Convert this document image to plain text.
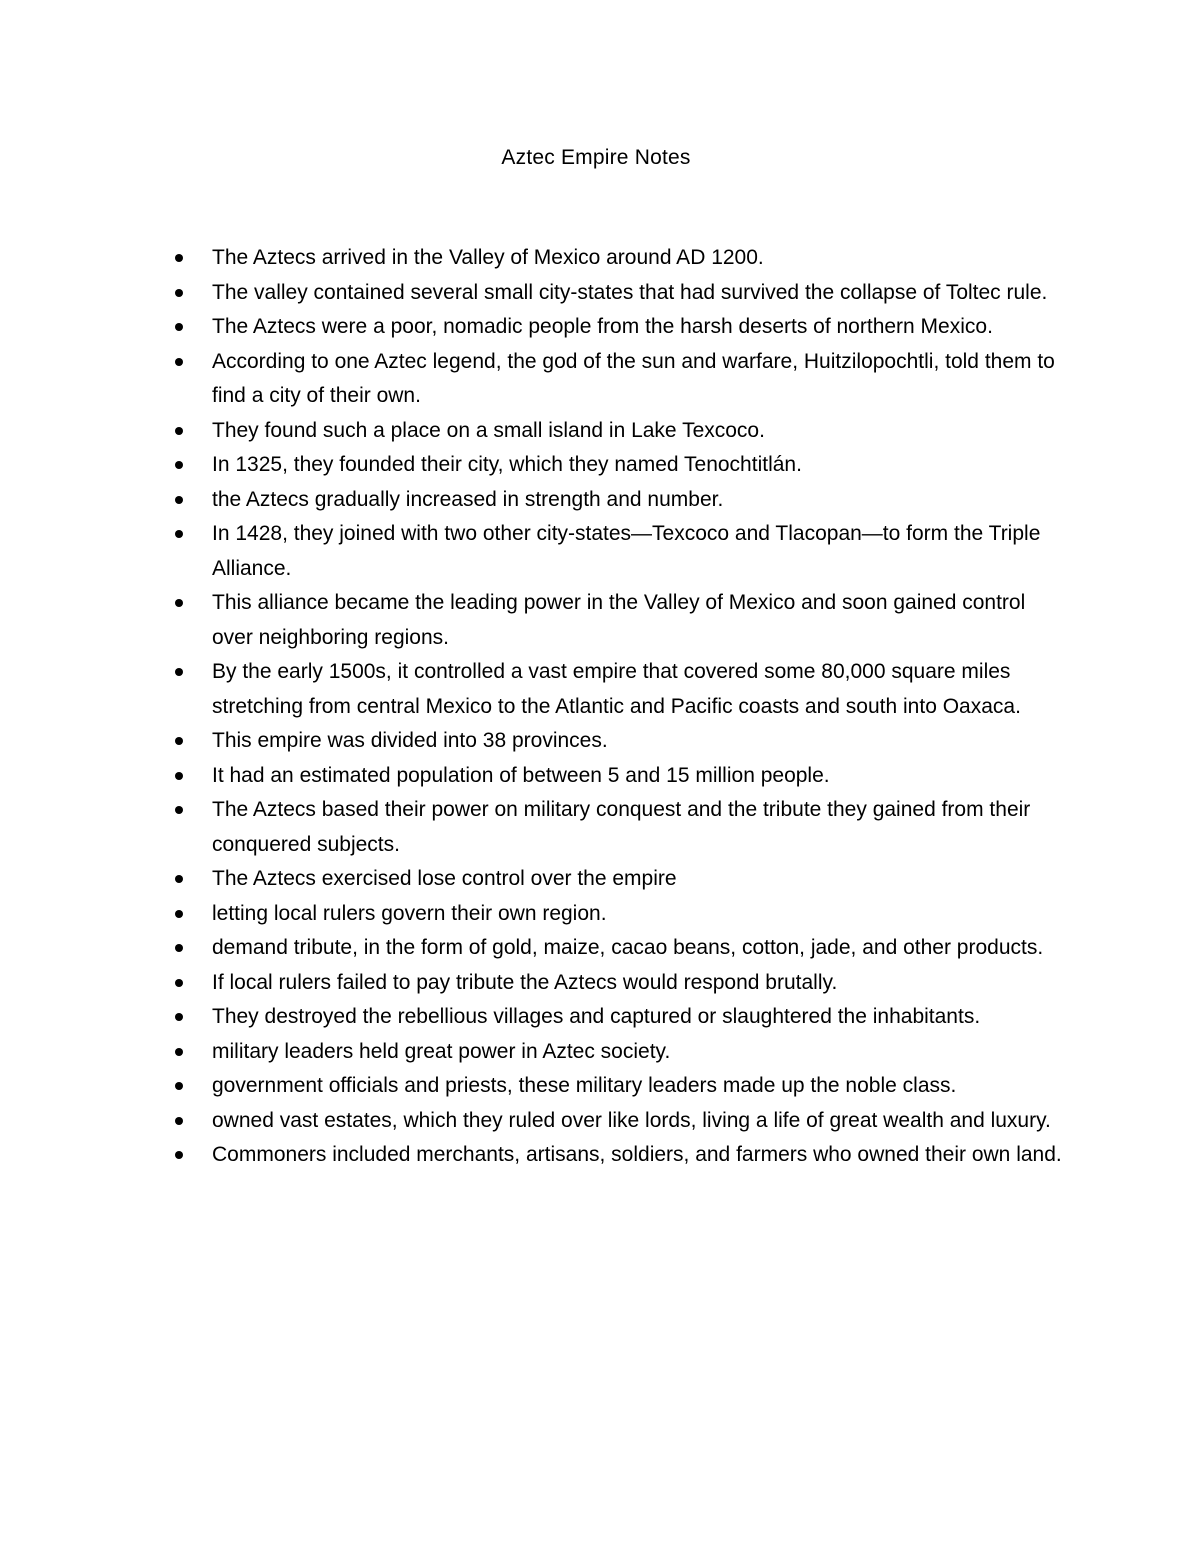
Aztec Empire Notes
The Aztecs arrived in the Valley of Mexico around AD 1200.
The valley contained several small city-states that had survived the collapse of Toltec rule.
The Aztecs were a poor, nomadic people from the harsh deserts of northern Mexico.
According to one Aztec legend, the god of the sun and warfare, Huitzilopochtli, told them to find a city of their own.
They found such a place on a small island in Lake Texcoco.
In 1325, they founded their city, which they named Tenochtitlán.
the Aztecs gradually increased in strength and number.
In 1428, they joined with two other city-states—Texcoco and Tlacopan—to form the Triple Alliance.
This alliance became the leading power in the Valley of Mexico and soon gained control over neighboring regions.
By the early 1500s, it controlled a vast empire that covered some 80,000 square miles stretching from central Mexico to the Atlantic and Pacific coasts and south into Oaxaca.
This empire was divided into 38 provinces.
It had an estimated population of between 5 and 15 million people.
The Aztecs based their power on military conquest and the tribute they gained from their conquered subjects.
The Aztecs exercised lose control over the empire
letting local rulers govern their own region.
demand tribute, in the form of gold, maize, cacao beans, cotton, jade, and other products.
If local rulers failed to pay tribute the Aztecs would respond brutally.
They destroyed the rebellious villages and captured or slaughtered the inhabitants.
military leaders held great power in Aztec society.
government officials and priests, these military leaders made up the noble class.
owned vast estates, which they ruled over like lords, living a life of great wealth and luxury.
Commoners included merchants, artisans, soldiers, and farmers who owned their own land.
